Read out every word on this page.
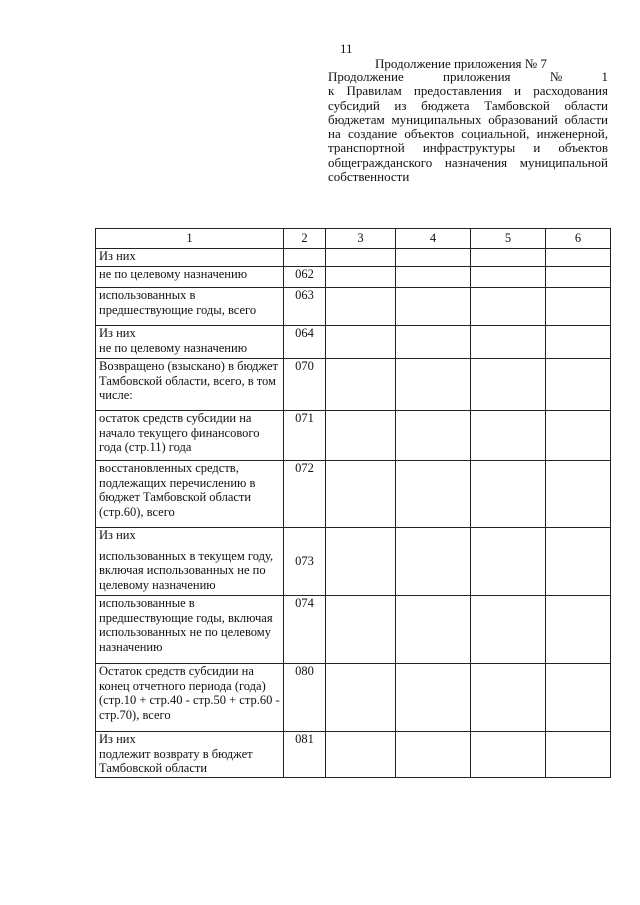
11
Продолжение приложения № 7
Продолжение	приложения	№	1
к Правилам предоставления и расходования
субсидий из бюджета Тамбовской области
бюджетам муниципальных образований области
на создание объектов социальной, инженерной,
транспортной инфраструктуры и объектов
общегражданского назначения муниципальной
собственности
1	2	3	4	5	6
Из них					
не по целевому назначению	062				
использованных в предшествующие годы, всего	063				
Из них
не по целевому назначению	064				
Возвращено (взыскано) в бюджет Тамбовской области, всего, в том числе:	070				
остаток средств субсидии на начало текущего финансового года (стр.11) года	071				
восстановленных средств, подлежащих перечислению в бюджет Тамбовской области (стр.60), всего	072				
Из них
использованных в текущем году, включая использованных не по целевому назначению	073				
использованные в предшествующие годы, включая использованных не по целевому назначению	074				
Остаток средств субсидии на конец отчетного периода (года) (стр.10 + стр.40 - стр.50 + стр.60 - стр.70), всего	080				
Из них
подлежит возврату в бюджет Тамбовской области	081				
